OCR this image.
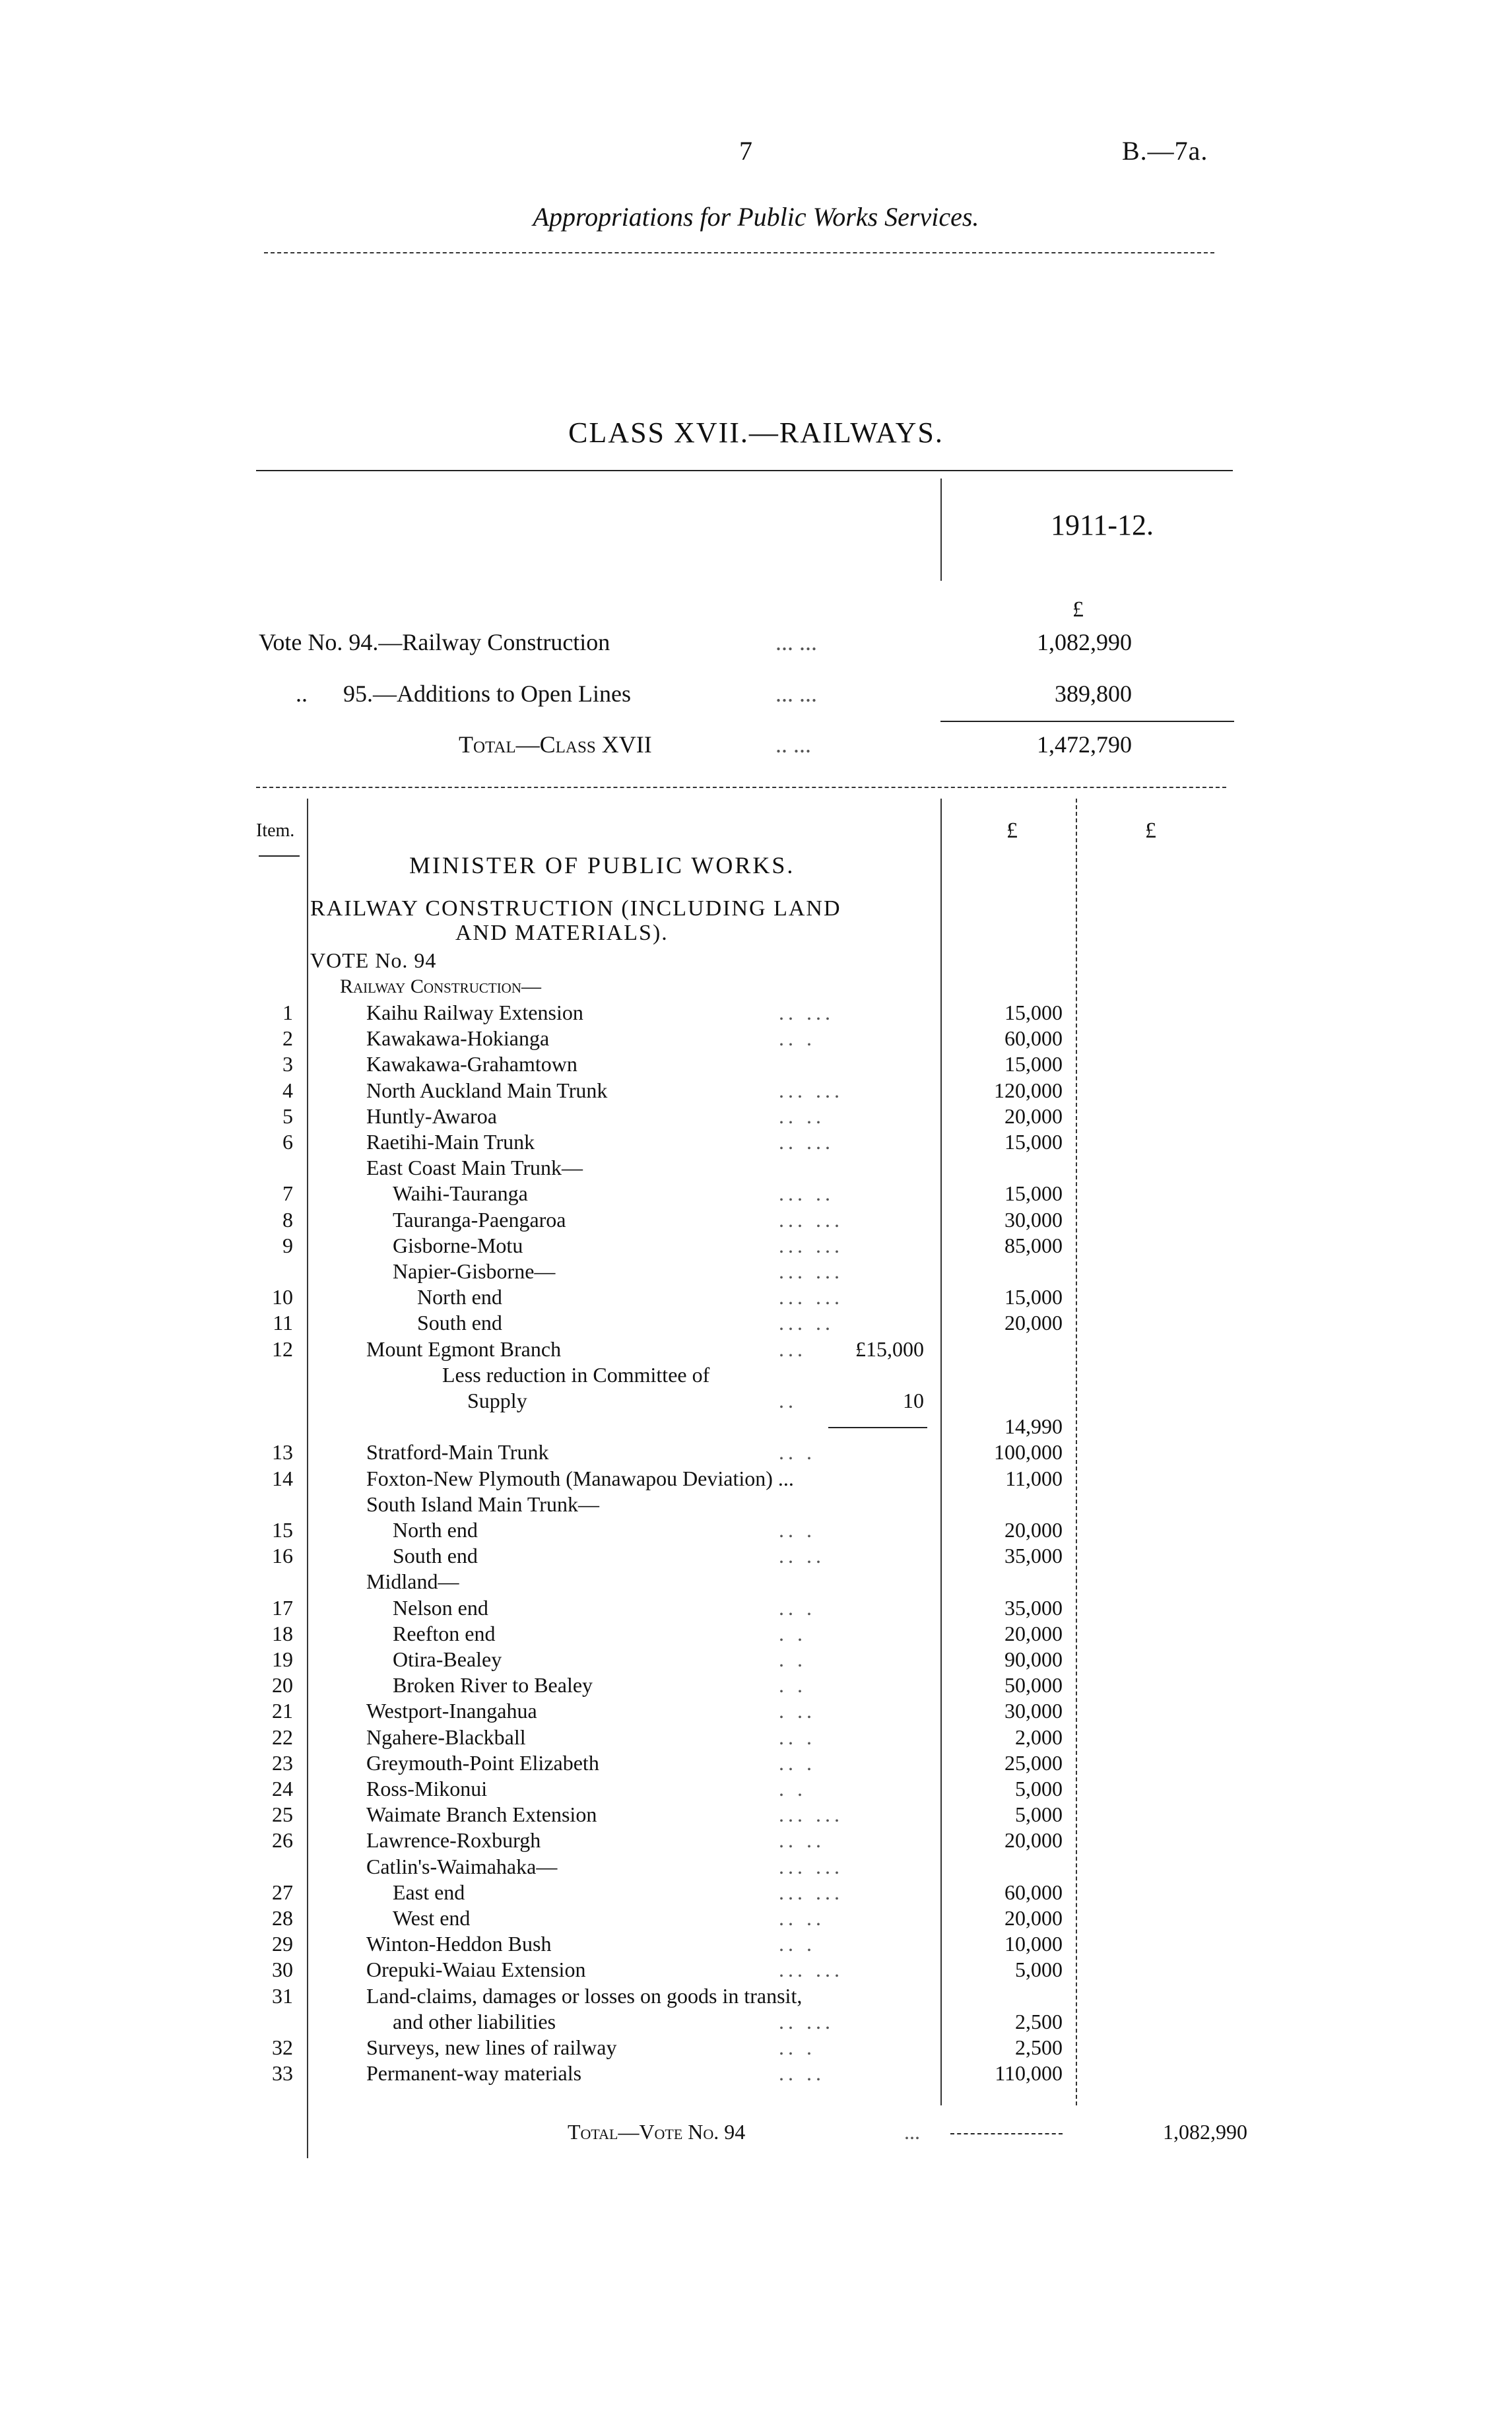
7	B.—7a.
Appropriations for Public Works Services.
CLASS XVII.—RAILWAYS.
1911-12.
£
Vote No. 94.—Railway Construction	... ...	1,082,990
..      95.—Additions to Open Lines	... ...	389,800
Total—Class XVII	.. ...	1,472,790
Item.	£	£
MINISTER OF PUBLIC WORKS.
RAILWAY CONSTRUCTION (INCLUDING LAND
AND MATERIALS).
VOTE No. 94
Railway Construction—
1	Kaihu Railway Extension	.. ...	15,000
2	Kawakawa-Hokianga	.. .	60,000
3	Kawakawa-Grahamtown	15,000
4	North Auckland Main Trunk	... ...	120,000
5	Huntly-Awaroa	.. ..	20,000
6	Raetihi-Main Trunk	.. ...	15,000
East Coast Main Trunk—
7	Waihi-Tauranga	... ..	15,000
8	Tauranga-Paengaroa	... ...	30,000
9	Gisborne-Motu	... ...	85,000
Napier-Gisborne—	... ...
10	North end	... ...	15,000
11	South end	... ..	20,000
12	Mount Egmont Branch	...	£15,000
Less reduction in Committee of
Supply	..	10
14,990
13	Stratford-Main Trunk	.. .	100,000
14	Foxton-New Plymouth (Manawapou Deviation) ...	11,000
South Island Main Trunk—
15	North end	.. .	20,000
16	South end	.. ..	35,000
Midland—
17	Nelson end	.. .	35,000
18	Reefton end	. .	20,000
19	Otira-Bealey	. .	90,000
20	Broken River to Bealey	. .	50,000
21	Westport-Inangahua	. ..	30,000
22	Ngahere-Blackball	.. .	2,000
23	Greymouth-Point Elizabeth	.. .	25,000
24	Ross-Mikonui	. .	5,000
25	Waimate Branch Extension	... ...	5,000
26	Lawrence-Roxburgh	.. ..	20,000
Catlin's-Waimahaka—	... ...
27	East end	... ...	60,000
28	West end	.. ..	20,000
29	Winton-Heddon Bush	.. .	10,000
30	Orepuki-Waiau Extension	... ...	5,000
31	Land-claims, damages or losses on goods in transit,
and other liabilities	.. ...	2,500
32	Surveys, new lines of railway	.. .	2,500
33	Permanent-way materials	.. ..	110,000
Total—Vote No. 94	...	1,082,990
